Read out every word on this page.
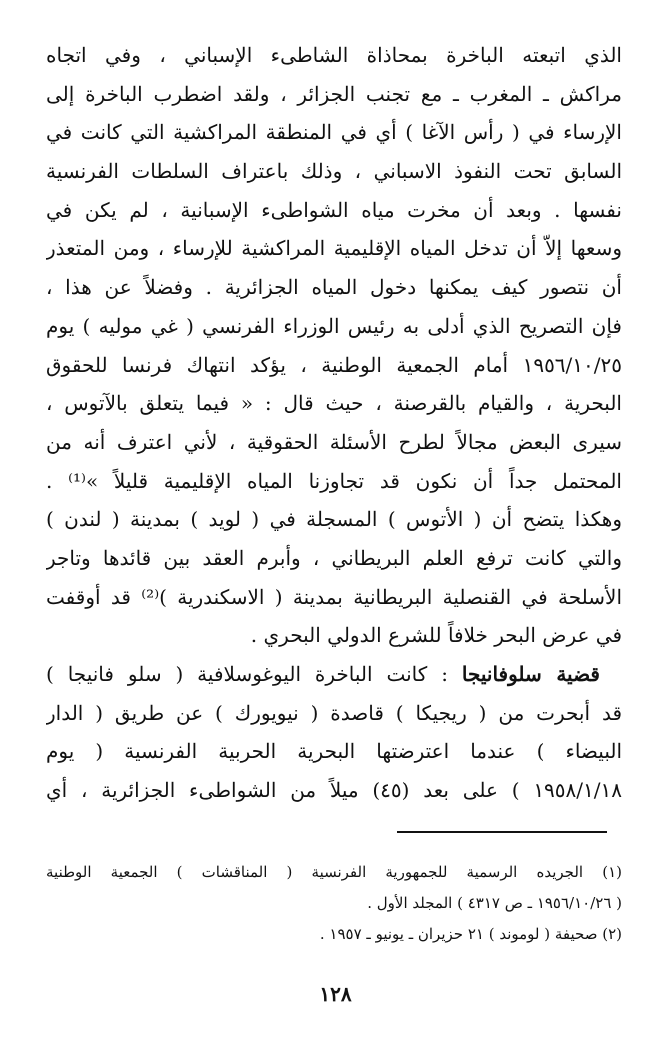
الذي اتبعته الباخرة بمحاذاة الشاطىء الإسباني ، وفي اتجاه
مراكش ـ المغرب ـ مع تجنب الجزائر ، ولقد اضطرب الباخرة إلى
الإرساء في ( رأس الآغا ) أي في المنطقة المراكشية التي كانت في
السابق تحت النفوذ الاسباني ، وذلك باعتراف السلطات الفرنسية
نفسها . وبعد أن مخرت مياه الشواطىء الإسبانية ، لم يكن في
وسعها إلاّ أن تدخل المياه الإقليمية المراكشية للإرساء ، ومن المتعذر
أن نتصور كيف يمكنها دخول المياه الجزائرية . وفضلاً عن هذا ،
فإن التصريح الذي أدلى به رئيس الوزراء الفرنسي ( غي موليه ) يوم
١٩٥٦/١٠/٢٥ أمام الجمعية الوطنية ، يؤكد انتهاك فرنسا للحقوق
البحرية ، والقيام بالقرصنة ، حيث قال : « فيما يتعلق بالآتوس ،
سيرى البعض مجالاً لطرح الأسئلة الحقوقية ، لأني اعترف أنه من
المحتمل جداً أن نكون قد تجاوزنا المياه الإقليمية قليلاً »⁽¹⁾ .
وهكذا يتضح أن ( الأتوس ) المسجلة في ( لويد ) بمدينة ( لندن )
والتي كانت ترفع العلم البريطاني ، وأبرم العقد بين قائدها وتاجر
الأسلحة في القنصلية البريطانية بمدينة ( الاسكندرية )⁽²⁾ قد أوقفت
في عرض البحر خلافاً للشرع الدولي البحري .
قضية سلوفانيجا : كانت الباخرة اليوغوسلافية ( سلو فانيجا )
قد أبحرت من ( ريجيكا ) قاصدة ( نيويورك ) عن طريق ( الدار
البيضاء ) عندما اعترضتها البحرية الحربية الفرنسية ( يوم
١٩٥٨/١/١٨ ) على بعد (٤٥) ميلاً من الشواطىء الجزائرية ، أي
(١) الجريده الرسمية للجمهورية الفرنسية ( المناقشات ) الجمعية الوطنية
( ١٩٥٦/١٠/٢٦ ـ ص ٤٣١٧ ) المجلد الأول .
(٢) صحيفة ( لوموند ) ٢١ حزيران ـ يونيو ـ ١٩٥٧ .
١٢٨
